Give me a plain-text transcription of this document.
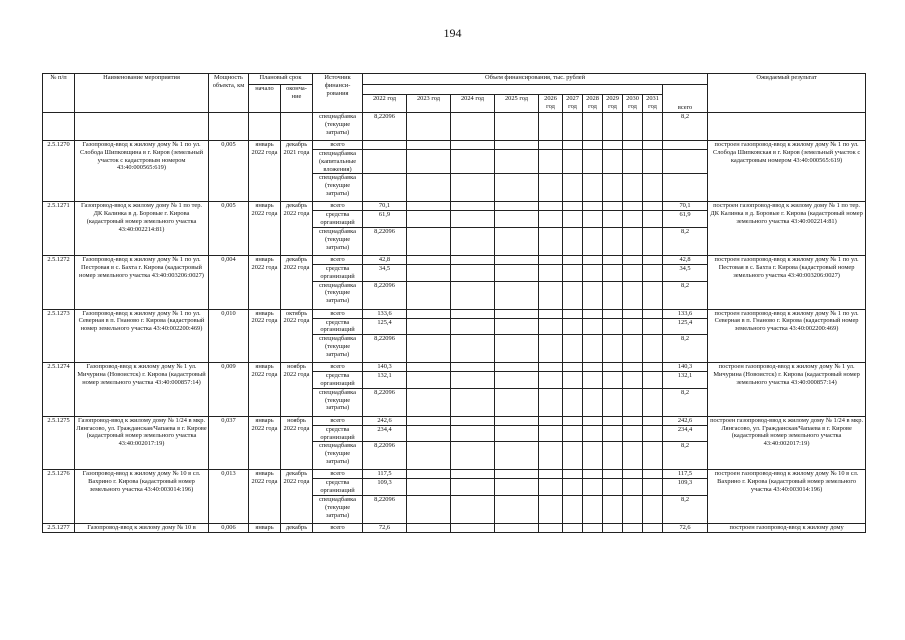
194
№ п/п	Наименование мероприятия	Мощность объекта, км	Плановый срок		Источник финанси-рования	Объем финансирования, тыс. рублей											Ожидаемый результат
			начало	оконча-ние												всего	
						2022 год	2023 год	2024 год	2025 год	2026 год	2027 год	2028 год	2029 год	2030 год	2031 год		
					спецнадбавка (текущие затраты)	8,22096										8,2	
2.5.1270	Газопровод-ввод к жилому дому № 1 по ул. Слобода Шипковщина в г. Киров (земельный участок с кадастровым номером 43:40:000565:619)	0,005	январь 2022 года	декабрь 2021 года	всего												построен газопровод-ввод к жилому дому № 1 по ул. Слобода Шипковская в г. Киров (земельный участок с кадастровым номером 43:40:000565:619)
					спецнадбавка (капитальные вложения)												
					спецнадбавка (текущие затраты)												
2.5.1271	Газопровод-ввод к жилому дому № 1 по тер. ДК Калинка в д. Боровые г. Кирова (кадастровый номер земельного участка 43:40:002214:81)	0,005	январь 2022 года	декабрь 2022 года	всего	70,1										70,1	построен газопровод-ввод к жилому дому № 1 по тер. ДК Калинка в д. Боровые г. Кирова (кадастровый номер земельного участка 43:40:002214:81)
					средства организаций	61,9										61,9	
					спецнадбавка (текущие затраты)	8,22096										8,2	
2.5.1272	Газопровод-ввод к жилому дому № 1 по ул. Пестровая в с. Бахта г. Кирова (кадастровый номер земельного участка 43:40:003206:0027)	0,004	январь 2022 года	декабрь 2022 года	всего	42,8										42,8	построен газопровод-ввод к жилому дому № 1 по ул. Пестовая в с. Бахта г. Кирова (кадастровый номер земельного участка 43:40:003206:0027)
					средства организаций	34,5										34,5	
					спецнадбавка (текущие затраты)	8,22096										8,2	
2.5.1273	Газопровод-ввод к жилому дому № 1 по ул. Северная в п. Гнаново г. Кирова (кадастровый номер земельного участка 43:40:002200:469)	0,010	январь 2022 года	октябрь 2022 года	всего	133,6										133,6	построен газопровод-ввод к жилому дому № 1 по ул. Северная в п. Гнаново г. Кирова (кадастровый номер земельного участка 43:40:002200:469)
					средства организаций	125,4										125,4	
					спецнадбавка (текущие затраты)	8,22096										8,2	
2.5.1274	Газопровод-ввод к жилому дому № 1 ул. Мичурина (Новоистск) г. Кирова (кадастровый номер земельного участка 43:40:000857:14)	0,009	январь 2022 года	ноябрь 2022 года	всего	140,3										140,3	построен газопровод-ввод к жилому дому № 1 ул. Мичурина (Новоистск) г. Кирова (кадастровый номер земельного участка 43:40:000857:14)
					средства организаций	132,1										132,1	
					спецнадбавка (текущие затраты)	8,22096										8,2	
2.5.1275	Газопровод-ввод к жилому дому № 1/24 в мкр. Лянгасово, ул. Гражданская/Чапаева в г. Кирове (кадастровый номер земельного участка 43:40:002017:19)	0,037	январь 2022 года	ноябрь 2022 года	всего	242,6										242,6	построен газопровод-ввод к жилому дому № 1/24 в мкр. Лянгасово, ул. Гражданская/Чапаева в г. Кирове (кадастровый номер земельного участка 43:40:002017:19)
					средства организаций	234,4										234,4	
					спецнадбавка (текущие затраты)	8,22096										8,2	
2.5.1276	Газопровод-ввод к жилому дому № 10 в сл. Вахрино г. Кирова (кадастровый номер земельного участка 43:40:003014:196)	0,013	январь 2022 года	декабрь 2022 года	всего	117,5										117,5	построен газопровод-ввод к жилому дому № 10 в сл. Вахрино г. Кирова (кадастровый номер земельного участка 43:40:003014:196)
					средства организаций	109,3										109,3	
					спецнадбавка (текущие затраты)	8,22096										8,2	
2.5.1277	Газопровод-ввод к жилому дому № 10 в	0,006	январь	декабрь	всего	72,6										72,6	построен газопровод-ввод к жилому дому
